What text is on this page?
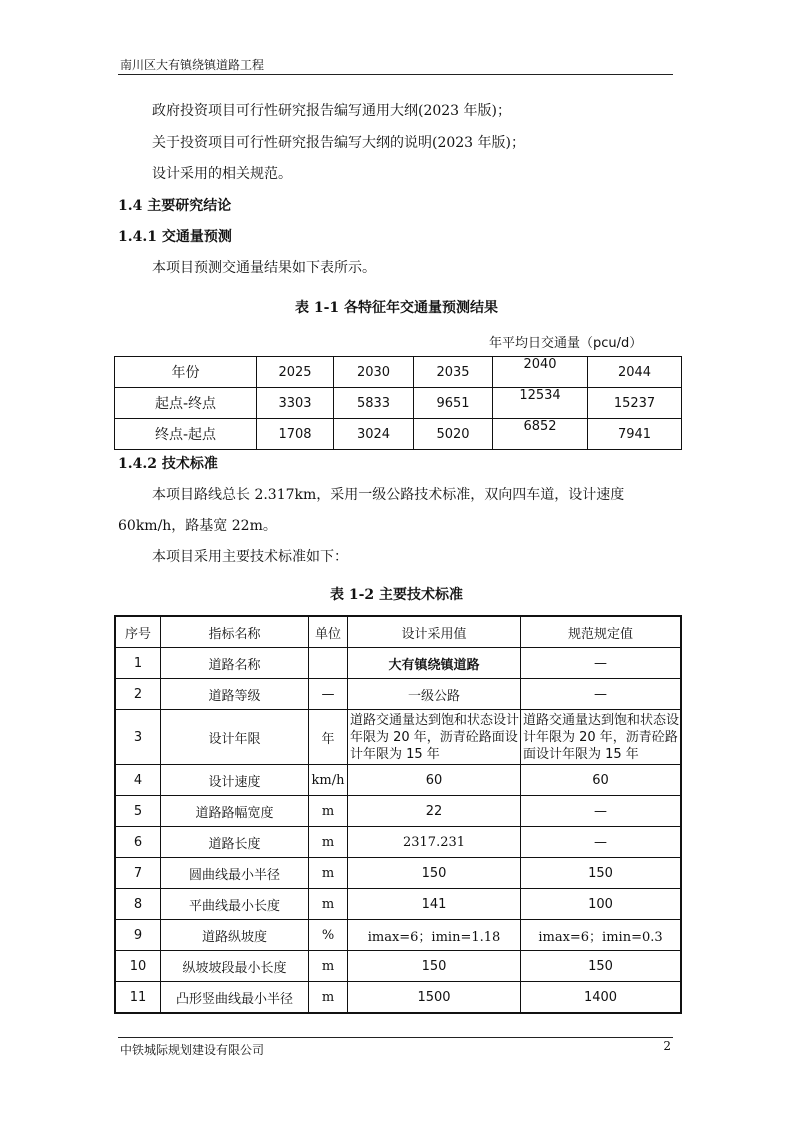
南川区大有镇绕镇道路工程
政府投资项目可行性研究报告编写通用大纲(2023 年版)；
关于投资项目可行性研究报告编写大纲的说明(2023 年版)；
设计采用的相关规范。
1.4 主要研究结论
1.4.1 交通量预测
本项目预测交通量结果如下表所示。
表 1-1 各特征年交通量预测结果
年平均日交通量（pcu/d）
年份	2025	2030	2035	2040	2044
起点-终点	3303	5833	9651	12534	15237
终点-起点	1708	3024	5020	6852	7941
1.4.2 技术标准
本项目路线总长 2.317km，采用一级公路技术标准，双向四车道，设计速度
60km/h，路基宽 22m。
本项目采用主要技术标准如下：
表 1-2 主要技术标准
序号	指标名称	单位	设计采用值	规范规定值
1	道路名称		大有镇绕镇道路	—
2	道路等级	—	一级公路	—
3	设计年限	年	道路交通量达到饱和状态设计年限为 20 年，沥青砼路面设计年限为 15 年	道路交通量达到饱和状态设计年限为 20 年，沥青砼路面设计年限为 15 年
4	设计速度	km/h	60	60
5	道路路幅宽度	m	22	—
6	道路长度	m	2317.231	—
7	圆曲线最小半径	m	150	150
8	平曲线最小长度	m	141	100
9	道路纵坡度	%	imax=6；imin=1.18	imax=6；imin=0.3
10	纵坡坡段最小长度	m	150	150
11	凸形竖曲线最小半径	m	1500	1400
中铁城际规划建设有限公司	2
